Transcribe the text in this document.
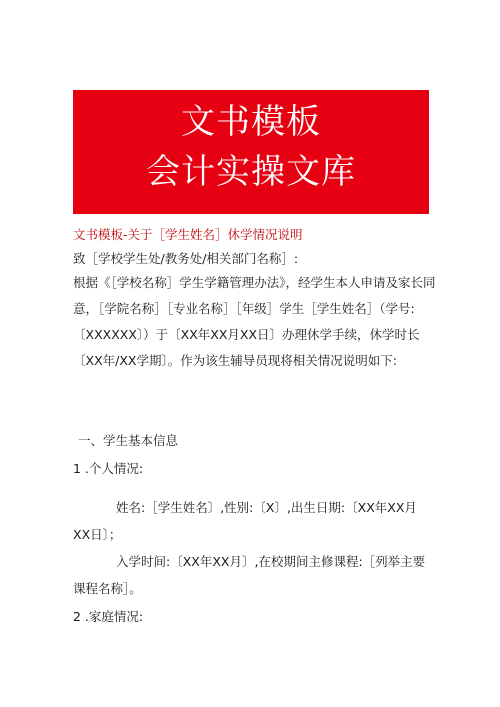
文书模板
会计实操文库
文书模板-关于［学生姓名］休学情况说明
致［学校学生处/教务处/相关部门名称］:
根据《［学校名称］学生学籍管理办法》，经学生本人申请及家长同
意，［学院名称］［专业名称］［年级］学生［学生姓名］（学号:
〔XXXXXX〕）于〔XX年XX月XX日〕办理休学手续，休学时长
〔XX年/XX学期〕。作为该生辅导员现将相关情况说明如下:
一、学生基本信息
1 .个人情况:
姓名:［学生姓名〕,性别:〔X〕,出生日期:〔XX年XX月
XX日〕；
入学时间:〔XX年XX月〕,在校期间主修课程:［列举主要
课程名称］。
2 .家庭情况:
